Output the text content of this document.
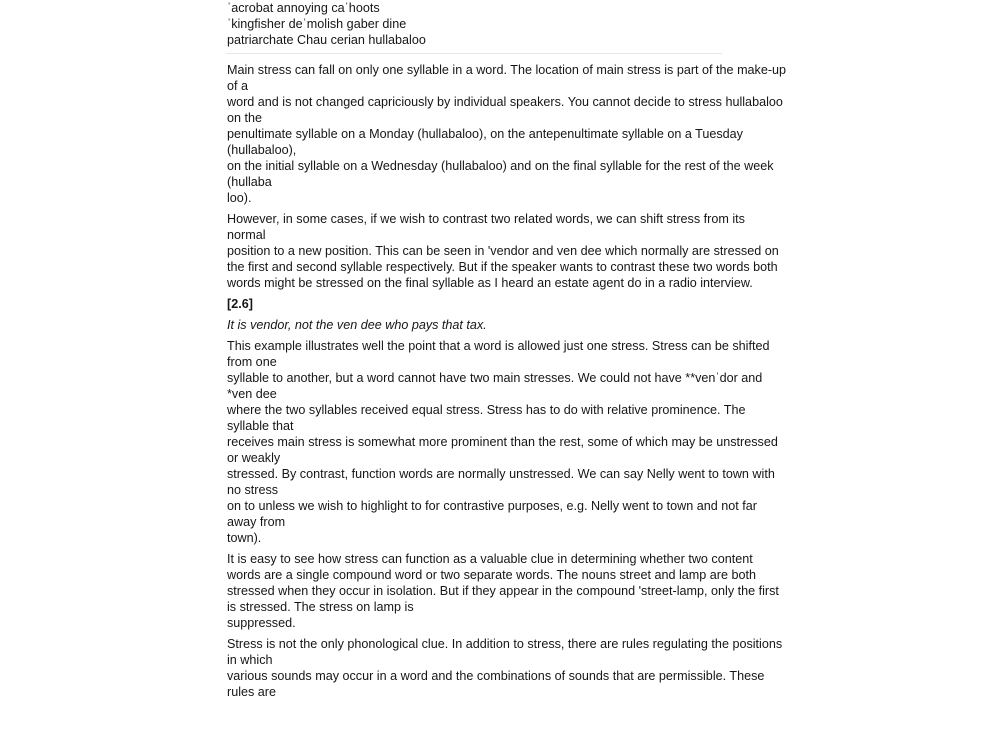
ˈacrobat annoying caˈhoots
ˈkingfisher deˈmolish gaber dine
patriarchate Chau cerian hullabaloo
Main stress can fall on only one syllable in a word. The location of main stress is part of the make-up
of a
word and is not changed capriciously by individual speakers. You cannot decide to stress hullabaloo
on the
penultimate syllable on a Monday (hullabaloo), on the antepenultimate syllable on a Tuesday
(hullabaloo),
on the initial syllable on a Wednesday (hullabaloo) and on the final syllable for the rest of the week
(hullaba
loo).
However, in some cases, if we wish to contrast two related words, we can shift stress from its
normal
position to a new position. This can be seen in 'vendor and ven dee which normally are stressed on
the first and second syllable respectively. But if the speaker wants to contrast these two words both
words might be stressed on the final syllable as I heard an estate agent do in a radio interview.
[2.6]
It is vendor, not the ven dee who pays that tax.
This example illustrates well the point that a word is allowed just one stress. Stress can be shifted
from one
syllable to another, but a word cannot have two main stresses. We could not have **venˈdor and
*ven dee
where the two syllables received equal stress. Stress has to do with relative prominence. The
syllable that
receives main stress is somewhat more prominent than the rest, some of which may be unstressed
or weakly
stressed. By contrast, function words are normally unstressed. We can say Nelly went to town with
no stress
on to unless we wish to highlight to for contrastive purposes, e.g. Nelly went to town and not far
away from
town).
It is easy to see how stress can function as a valuable clue in determining whether two content
words are a single compound word or two separate words. The nouns street and lamp are both
stressed when they occur in isolation. But if they appear in the compound 'street-lamp, only the first
is stressed. The stress on lamp is
suppressed.
Stress is not the only phonological clue. In addition to stress, there are rules regulating the positions
in which
various sounds may occur in a word and the combinations of sounds that are permissible. These
rules are
